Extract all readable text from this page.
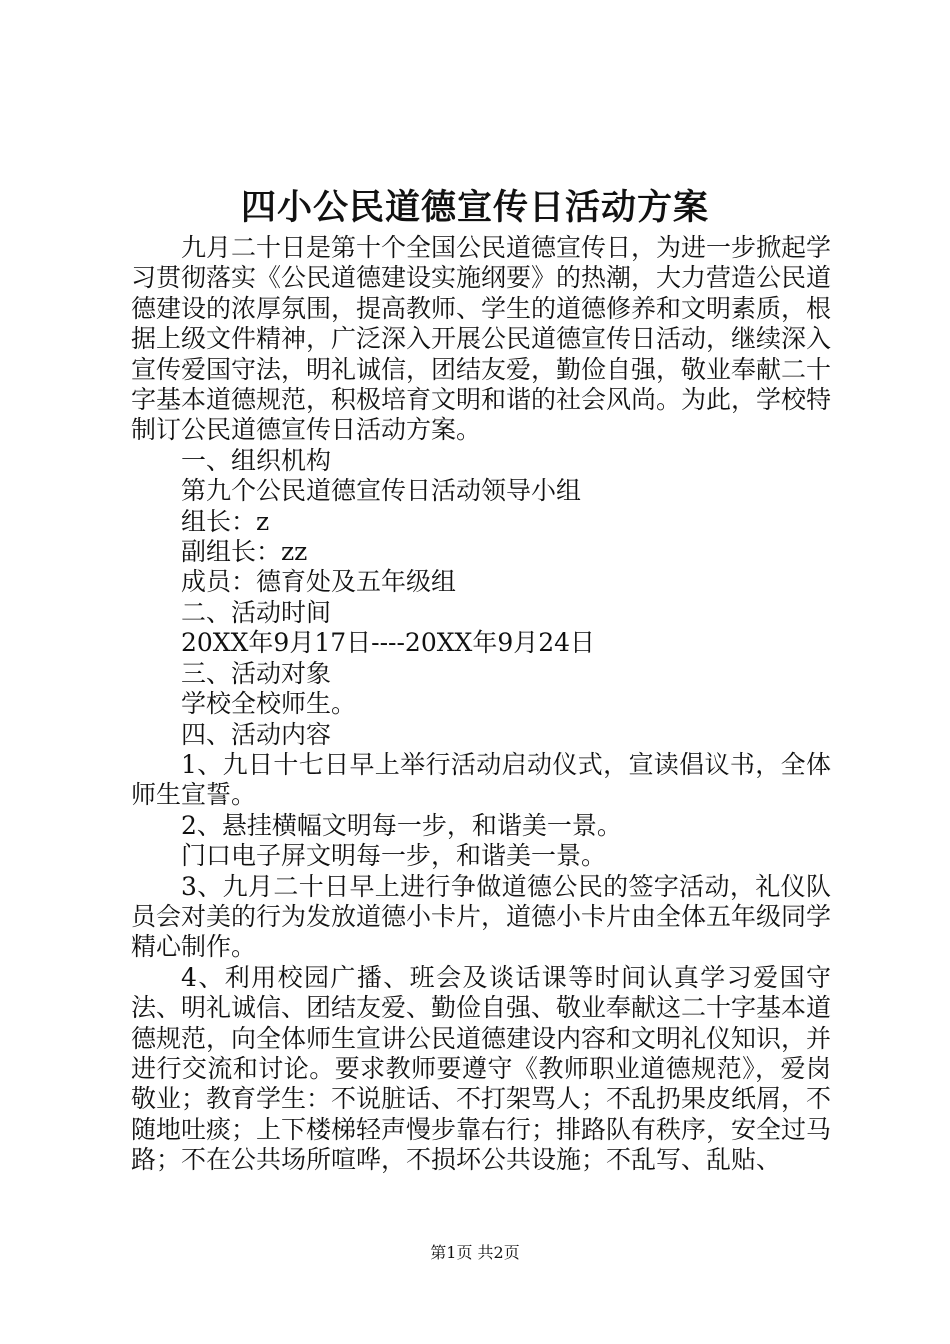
四小公民道德宣传日活动方案

九月二十日是第十个全国公民道德宣传日，为进一步掀起学习贯彻落实《公民道德建设实施纲要》的热潮，大力营造公民道德建设的浓厚氛围，提高教师、学生的道德修养和文明素质，根据上级文件精神，广泛深入开展公民道德宣传日活动，继续深入宣传爱国守法，明礼诚信，团结友爱，勤俭自强，敬业奉献二十字基本道德规范，积极培育文明和谐的社会风尚。为此，学校特制订公民道德宣传日活动方案。

一、组织机构

第九个公民道德宣传日活动领导小组

组长：z

副组长：zz

成员：德育处及五年级组

二、活动时间

20XX年9月17日----20XX年9月24日

三、活动对象

学校全校师生。

四、活动内容

1、九日十七日早上举行活动启动仪式，宣读倡议书，全体师生宣誓。

2、悬挂横幅文明每一步，和谐美一景。

门口电子屏文明每一步，和谐美一景。

3、九月二十日早上进行争做道德公民的签字活动，礼仪队员会对美的行为发放道德小卡片，道德小卡片由全体五年级同学精心制作。

4、利用校园广播、班会及谈话课等时间认真学习爱国守法、明礼诚信、团结友爱、勤俭自强、敬业奉献这二十字基本道德规范，向全体师生宣讲公民道德建设内容和文明礼仪知识，并进行交流和讨论。要求教师要遵守《教师职业道德规范》，爱岗敬业；教育学生：不说脏话、不打架骂人；不乱扔果皮纸屑，不随地吐痰；上下楼梯轻声慢步靠右行；排路队有秩序，安全过马路；不在公共场所喧哗，不损坏公共设施；不乱写、乱贴、

第1页 共2页
